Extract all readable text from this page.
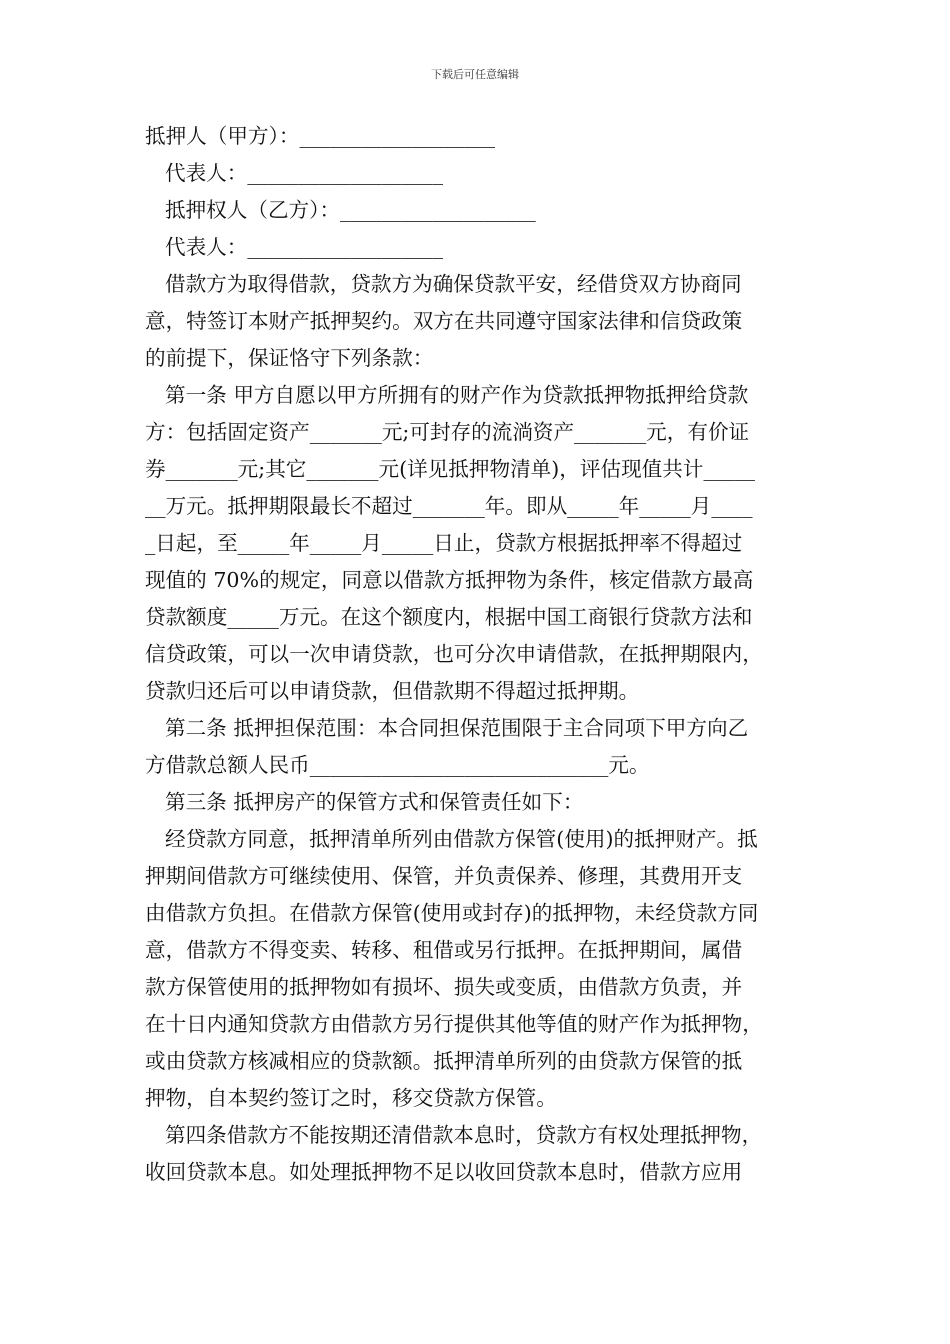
下载后可任意编辑
抵押人（甲方）：___________________
代表人：___________________
抵押权人（乙方）：___________________
代表人：___________________
借款方为取得借款，贷款方为确保贷款平安，经借贷双方协商同
意，特签订本财产抵押契约。双方在共同遵守国家法律和信贷政策
的前提下，保证恪守下列条款：
第一条 甲方自愿以甲方所拥有的财产作为贷款抵押物抵押给贷款
方：包括固定资产_______元;可封存的流淌资产_______元，有价证
券_______元;其它_______元(详见抵押物清单)，评估现值共计_____
__万元。抵押期限最长不超过_______年。即从_____年_____月____
_日起，至_____年_____月_____日止，贷款方根据抵押率不得超过
现值的 70%的规定，同意以借款方抵押物为条件，核定借款方最高
贷款额度_____万元。在这个额度内，根据中国工商银行贷款方法和
信贷政策，可以一次申请贷款，也可分次申请借款，在抵押期限内，
贷款归还后可以申请贷款，但借款期不得超过抵押期。
第二条 抵押担保范围：本合同担保范围限于主合同项下甲方向乙
方借款总额人民币_____________________________元。
第三条 抵押房产的保管方式和保管责任如下：
经贷款方同意，抵押清单所列由借款方保管(使用)的抵押财产。抵
押期间借款方可继续使用、保管，并负责保养、修理，其费用开支
由借款方负担。在借款方保管(使用或封存)的抵押物，未经贷款方同
意，借款方不得变卖、转移、租借或另行抵押。在抵押期间，属借
款方保管使用的抵押物如有损坏、损失或变质，由借款方负责，并
在十日内通知贷款方由借款方另行提供其他等值的财产作为抵押物，
或由贷款方核减相应的贷款额。抵押清单所列的由贷款方保管的抵
押物，自本契约签订之时，移交贷款方保管。
第四条借款方不能按期还清借款本息时，贷款方有权处理抵押物，
收回贷款本息。如处理抵押物不足以收回贷款本息时，借款方应用
